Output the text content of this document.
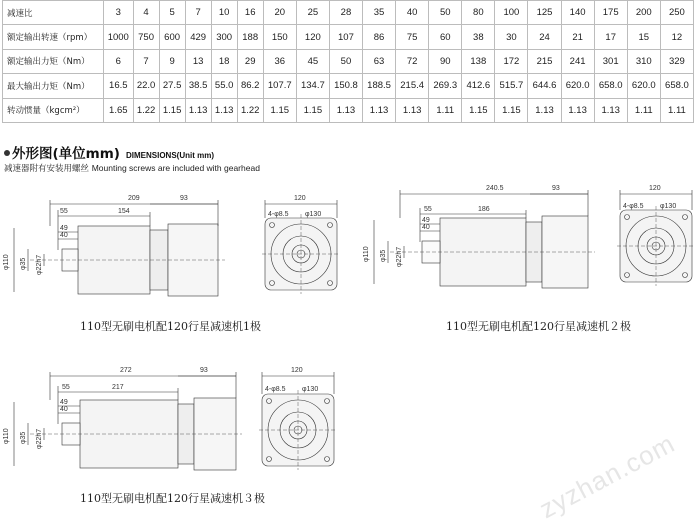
减速比	3	4	5	7	10	16	20	25	28	35	40	50	80	100	125	140	175	200	250
额定输出转速（rpm）	1000	750	600	429	300	188	150	120	107	86	75	60	38	30	24	21	17	15	12
额定输出力矩（Nm）	6	7	9	13	18	29	36	45	50	63	72	90	138	172	215	241	301	310	329
最大输出力矩（Nm）	16.5	22.0	27.5	38.5	55.0	86.2	107.7	134.7	150.8	188.5	215.4	269.3	412.6	515.7	644.6	620.0	658.0	620.0	658.0
转动惯量（kgcm²）	1.65	1.22	1.15	1.13	1.13	1.22	1.15	1.15	1.13	1.13	1.13	1.11	1.15	1.15	1.13	1.13	1.13	1.11	1.11
外形图(单位mm) DIMENSIONS(Unit mm)
减速器附有安装用螺丝 Mounting screws are included with gearhead
209	93
55	154
49
40
φ110 φ35 φ22h7
120
4-φ8.5 φ130
110型无刷电机配120行星减速机1极
240.5	93
55	186
49
40
φ110 φ35 φ22h7
120
4-φ8.5 φ130
110型无刷电机配120行星减速机２极
272	93
55	217
49
40
φ110 φ35 φ22h7
120
4-φ8.5 φ130
110型无刷电机配120行星减速机３极	zyzhan.com
